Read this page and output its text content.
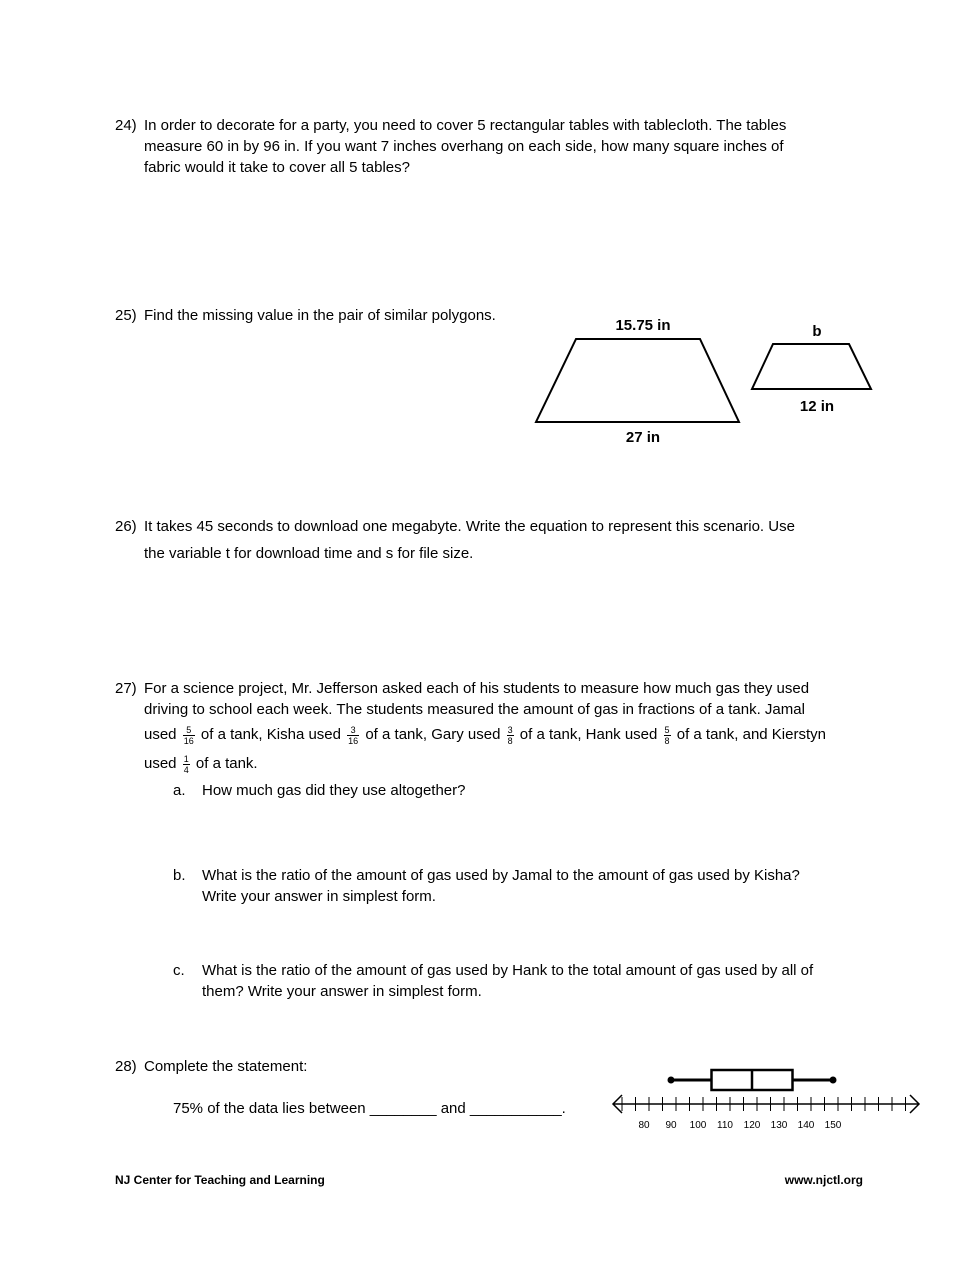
24) In order to decorate for a party, you need to cover 5 rectangular tables with tablecloth. The tables
measure 60 in by 96 in. If you want 7 inches overhang on each side, how many square inches of
fabric would it take to cover all 5 tables?
25) Find the missing value in the pair of similar polygons.
15.75 in
27 in
b
12 in
26) It takes 45 seconds to download one megabyte. Write the equation to represent this scenario. Use
the variable t for download time and s for file size.
27) For a science project, Mr. Jefferson asked each of his students to measure how much gas they used
driving to school each week. The students measured the amount of gas in fractions of a tank. Jamal
used $\frac{5}{16}$ of a tank, Kisha used $\frac{3}{16}$ of a tank, Gary used $\frac{3}{8}$ of a tank, Hank used $\frac{5}{8}$ of a tank, and Kierstyn
used $\frac{1}{4}$ of a tank.
a. How much gas did they use altogether?
b. What is the ratio of the amount of gas used by Jamal to the amount of gas used by Kisha?
Write your answer in simplest form.
c. What is the ratio of the amount of gas used by Hank to the total amount of gas used by all of
them? Write your answer in simplest form.
28) Complete the statement:
75% of the data lies between ________ and ___________.
80 90 100 110 120 130 140 150
NJ Center for Teaching and Learning	www.njctl.org
